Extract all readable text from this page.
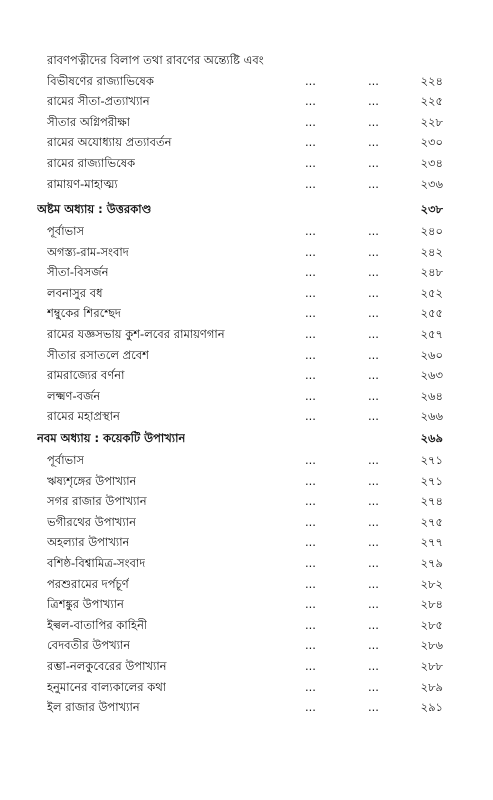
রাবণপত্নীদের বিলাপ তথা রাবণের অন্ত্যেষ্টি এবং
বিভীষণের রাজ্যাভিষেক	...	...	২২৪
রামের সীতা-প্রত্যাখ্যান	...	...	২২৫
সীতার অগ্নিপরীক্ষা	...	...	২২৮
রামের অযোধ্যায় প্রত্যাবর্তন	...	...	২৩০
রামের রাজ্যাভিষেক	...	...	২৩৪
রামায়ণ-মাহাত্ম্য	...	...	২৩৬
অষ্টম অধ্যায় : উত্তরকাণ্ড	২৩৮
পূর্বাভাস	...	...	২৪০
অগস্ত্য-রাম-সংবাদ	...	...	২৪২
সীতা-বিসর্জন	...	...	২৪৮
লবনাসুর বধ	...	...	২৫২
শম্বুকের শিরশ্ছেদ	...	...	২৫৫
রামের যজ্ঞসভায় কুশ-লবের রামায়ণগান	...	...	২৫৭
সীতার রসাতলে প্রবেশ	...	...	২৬০
রামরাজ্যের বর্ণনা	...	...	২৬৩
লক্ষ্মণ-বর্জন	...	...	২৬৪
রামের মহাপ্রস্থান	...	...	২৬৬
নবম অধ্যায় : কয়েকটি উপাখ্যান	২৬৯
পূর্বাভাস	...	...	২৭১
ঋষ্যশৃঙ্গের উপাখ্যান	...	...	২৭১
সগর রাজার উপাখ্যান	...	...	২৭৪
ভগীরথের উপাখ্যান	...	...	২৭৫
অহল্যার উপাখ্যান	...	...	২৭৭
বশিষ্ঠ-বিশ্বামিত্র-সংবাদ	...	...	২৭৯
পরশুরামের দর্পচূর্ণ	...	...	২৮২
ত্রিশঙ্কুর উপাখ্যান	...	...	২৮৪
ইল্বল-বাতাপির কাহিনী	...	...	২৮৫
বেদবতীর উপখ্যান	...	...	২৮৬
রম্ভা-নলকুবেরের উপাখ্যান	...	...	২৮৮
হনুমানের বাল্যকালের কথা	...	...	২৮৯
ইল রাজার উপাখ্যান	...	...	২৯১
